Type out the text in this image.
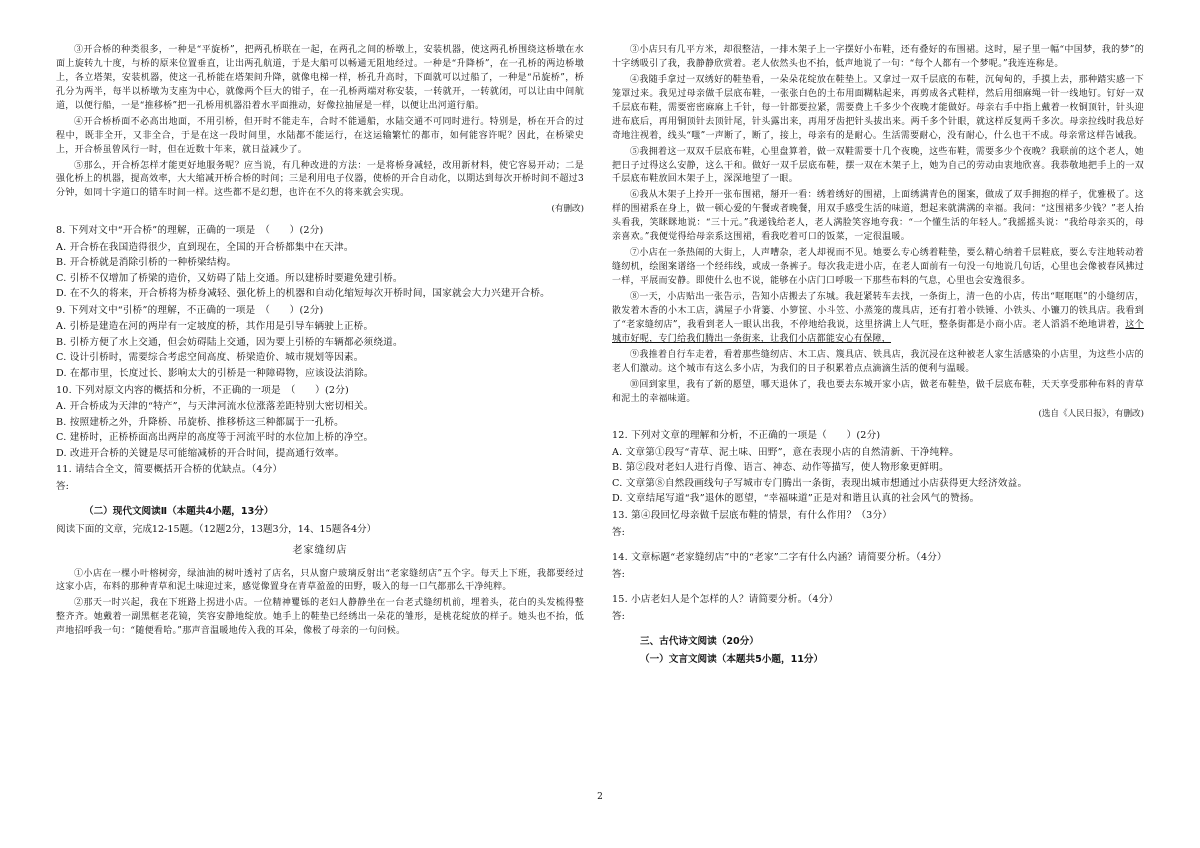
③开合桥的种类很多，一种是“平旋桥”，把两孔桥联在一起，在两孔之间的桥墩上，安装机器，使这两孔桥围绕这桥墩在水面上旋转九十度，与桥的原来位置垂直，让出两孔航道，于是大船可以畅通无阻地经过。一种是“升降桥”，在一孔桥的两边桥墩上，各立塔架，安装机器，使这一孔桥能在塔架间升降，就像电梯一样，桥孔升高时，下面就可以过船了，一种是“吊旋桥”，桥孔分为两半，每半以桥墩为支座为中心，就像两个巨大的钳子，在一孔桥两端对称安装，一转就开，一转就闭，可以让由中间航道，以便行船，一是“推移桥”把一孔桥用机器沿着水平面推动，好像拉抽屉是一样，以便让出河道行船。

④开合桥桥面不必高出地面，不用引桥，但开时不能走车，合时不能通船，水陆交通不可同时进行。特别是，桥在开合的过程中，既非全开，又非全合，于是在这一段时间里，水陆都不能运行，在这运输繁忙的都市，如何能容许呢？因此，在桥梁史上，开合桥虽曾风行一时，但在近数十年来，就日益减少了。

⑤那么，开合桥怎样才能更好地服务呢？应当说，有几种改进的方法：一是将桥身减轻，改用新材料，使它容易开动；二是强化桥上的机器，提高效率，大大缩减开桥合桥的时间；三是利用电子仪器，使桥的开合自动化，以期达到每次开桥时间不超过3分钟，如同十字道口的错车时间一样。这些都不是幻想，也许在不久的将来就会实现。

(有删改)

8. 下列对文中“开合桥”的理解，正确的一项是　（　　）(2分)

A. 开合桥在我国造得很少，直到现在，全国的开合桥都集中在天津。

B. 开合桥就是消除引桥的一种桥梁结构。

C. 引桥不仅增加了桥梁的造价，又妨碍了陆上交通。所以建桥时要避免建引桥。

D. 在不久的将来，开合桥将为桥身减轻、强化桥上的机器和自动化缩短每次开桥时间，国家就会大力兴建开合桥。

9. 下列对文中“引桥”的理解，不正确的一项是　（　　）(2分)

A. 引桥是建造在河的两岸有一定坡度的桥，其作用是引导车辆驶上正桥。

B. 引桥方便了水上交通，但会妨碍陆上交通，因为要上引桥的车辆都必须绕道。

C. 设计引桥时，需要综合考虑空间高度、桥梁造价、城市规划等因素。

D. 在都市里，长度过长、影响太大的引桥是一种障碍物，应该设法消除。

10. 下列对原文内容的概括和分析，不正确的一项是　（　　）(2分)

A. 开合桥成为天津的“特产”，与天津河流水位涨落差距特别大密切相关。

B. 按照建桥之外，升降桥、吊旋桥、推移桥这三种都属于一孔桥。

C. 建桥时，正桥桥面高出两岸的高度等于河流平时的水位加上桥的净空。

D. 改进开合桥的关键是尽可能缩减桥的开合时间，提高通行效率。

11. 请结合全文，简要概括开合桥的优缺点。（4分）

答:

（二）现代文阅读Ⅱ（本题共4小题，13分）

阅读下面的文章，完成12-15题。（12题2分，13题3分，14、15题各4分）

老家缝纫店

①小店在一棵小叶榕树旁，绿油油的树叶透衬了店名，只从窗户玻璃反射出“老家缝纫店”五个字。每天上下班，我都要经过这家小店，布料的那种青草和泥土味迎过来，感觉像置身在青草盈盈的田野，吸入的每一口气都那么干净纯粹。

②那天一时兴起，我在下班路上拐进小店。一位精神矍铄的老妇人静静坐在一台老式缝纫机前，埋着头，花白的头发梳得整整齐齐。她戴着一副黑框老花镜，笑容安静地绽放。她手上的鞋垫已经绣出一朵花的雏形，是桃花绽放的样子。她头也不抬，低声地招呼我一句：“随便看哈。”那声音温暖地传入我的耳朵，像极了母亲的一句问候。

③小店只有几平方米，却很整洁，一排木架子上一字摆好小布鞋，还有叠好的布围裙。这时，屋子里一幅“中国梦，我的梦”的十字绣吸引了我，我静静欣赏着。老人依然头也不抬，低声地说了一句：“每个人都有一个梦呢。”我连连称是。

④我随手拿过一双绣好的鞋垫看，一朵朵花绽放在鞋垫上。又拿过一双千层底的布鞋，沉甸甸的，手摸上去，那种踏实感一下笼罩过来。我见过母亲做千层底布鞋，一张张白色的土布用面糊粘起来，再剪成各式鞋样，然后用细麻绳一针一线地钉。钉好一双千层底布鞋，需要密密麻麻上千针，每一针都要拉紧，需要费上千多少个夜晚才能做好。母亲右手中指上戴着一枚铜顶针，针头迎进布底后，再用铜顶针去顶针尾，针头露出来，再用牙齿把针头拔出来。两千多个针眼，就这样反复两千多次。母亲拉线时我总好奇地注视着，线头“嗤”一声断了，断了，接上，母亲有的是耐心。生活需要耐心，没有耐心，什么也干不成。母亲常这样告诫我。

⑤我拥着这一双双千层底布鞋，心里盘算着，做一双鞋需要十几个夜晚，这些布鞋，需要多少个夜晚？我联前的这个老人，她把日子过得这么安静，这么干和。做好一双千层底布鞋，摆一双在木架子上，她为自己的劳动由衷地欣喜。我恭敬地把手上的一双千层底布鞋放回木架子上，深深地望了一眼。

⑥我从木架子上拎开一张布围裙，掰开一看：绣着绣好的围裙，上面绣满青色的图案，做成了双手拥抱的样子，优雅极了。这样的围裙系在身上，做一顿心爱的午餐或者晚餐，用双手感受生活的味道，想起来就满满的幸福。我问：“这围裙多少钱？”老人抬头看我，笑眯眯地说：“三十元。”我递钱给老人，老人满脸笑容地夸我：“一个懂生活的年轻人。”我摇摇头说：“我给母亲买的，母亲喜欢。”我便觉得给母亲系这围裙，看我吃着可口的饭菜，一定很温暖。

⑦小店在一条热闹的大街上，人声嘈杂，老人却视而不见。她要么专心绣着鞋垫，要么精心纳着千层鞋底，要么专注地转动着缝纫机，绘图案谱络一个经纬线，或成一条裤子。每次我走进小店，在老人面前有一句没一句地说几句话，心里也会像被春风拂过一样，平展而安静。即使什么也不说，能够在小店门口呼吸一下那些布料的气息，心里也会安逸很多。

⑧一天，小店贴出一张告示，告知小店搬去了东城。我赶紧转车去找，一条街上，清一色的小店，传出“哐哐哐”的小缝纫店，散发着木香的小木工店，满屋子小背篓、小箩筐、小斗笠、小蒸笼的蔑具店，还有打着小铁锤、小铁头、小镰刀的铁具店。我看到了“老家缝纫店”，我看到老人一眼认出我，不停地给我说，这里挤满上人气旺，整条街都是小商小店。老人滔滔不绝地讲着，这个城市好呢，专门给我们腾出一条街来，让我们小店都能安心有保障，

⑨我推着自行车走着，看着那些缝纫店、木工店、篾具店、铁具店，我沉浸在这种被老人家生活感染的小店里，为这些小店的老人们激动。这个城市有这么多小店，为我们的日子积累着点点滴滴生活的便利与温暖。

⑩回到家里，我有了新的愿望，哪天退休了，我也要去东城开家小店，做老布鞋垫，做千层底布鞋，天天享受那种布料的青草和泥土的幸福味道。

(选自《人民日报》，有删改)

12. 下列对文章的理解和分析，不正确的一项是（　　）(2分)

A. 文章第①段写“青草、泥土味、田野”，意在表现小店的自然清新、干净纯粹。

B. 第②段对老妇人进行肖像、语言、神态、动作等描写，使人物形象更鲜明。

C. 文章第⑧自然段画线句子写城市专门腾出一条街，表现出城市想通过小店获得更大经济效益。

D. 文章结尾写道“我”退休的愿望，“幸福味道”正是对和谐且认真的社会风气的赞扬。

13. 第④段回忆母亲做千层底布鞋的情景，有什么作用？（3分）

答:

14. 文章标题“老家缝纫店”中的“老家”二字有什么内涵？请简要分析。（4分）

答:

15. 小店老妇人是个怎样的人？请简要分析。（4分）

答:

三、古代诗文阅读（20分）

（一）文言文阅读（本题共5小题，11分）

2
